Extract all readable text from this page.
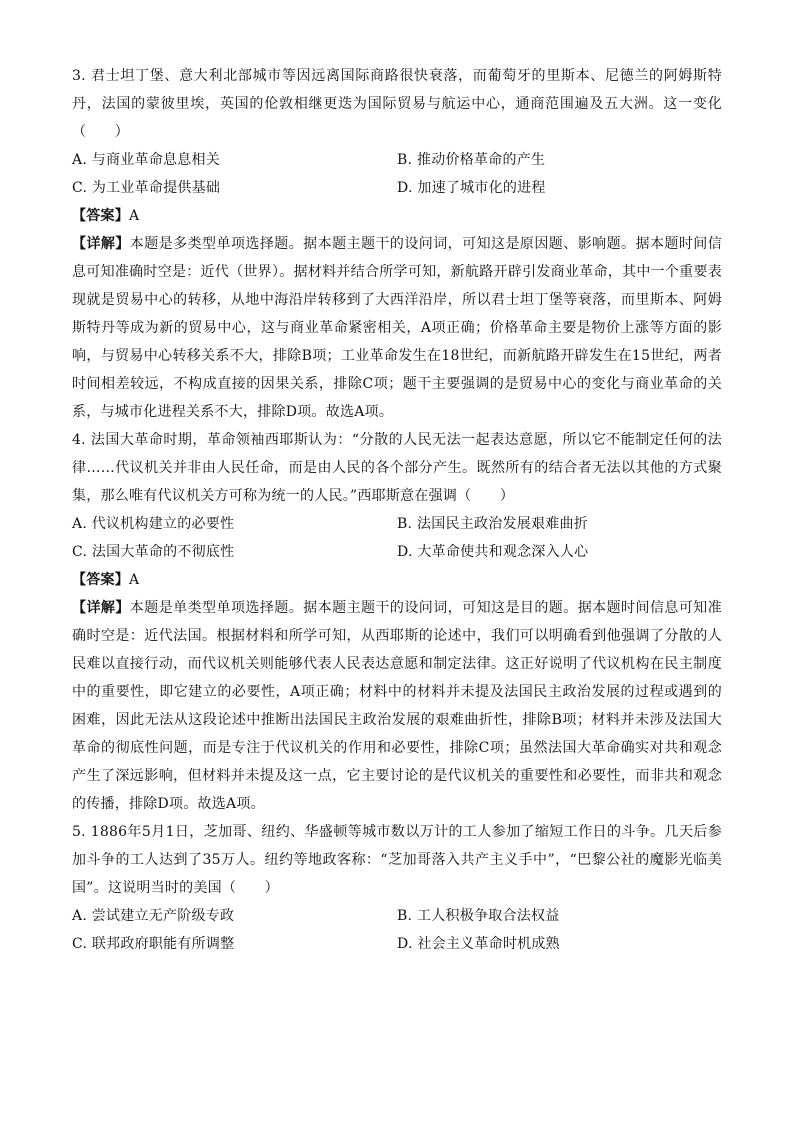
3. 君士坦丁堡、意大利北部城市等因远离国际商路很快衰落，而葡萄牙的里斯本、尼德兰的阿姆斯特丹，法国的蒙彼里埃，英国的伦敦相继更迭为国际贸易与航运中心，通商范围遍及五大洲。这一变化（　　）

A. 与商业革命息息相关	B. 推动价格革命的产生

C. 为工业革命提供基础	D. 加速了城市化的进程

【答案】A

【详解】本题是多类型单项选择题。据本题主题干的设问词，可知这是原因题、影响题。据本题时间信息可知准确时空是：近代（世界）。据材料并结合所学可知，新航路开辟引发商业革命，其中一个重要表现就是贸易中心的转移，从地中海沿岸转移到了大西洋沿岸，所以君士坦丁堡等衰落，而里斯本、阿姆斯特丹等成为新的贸易中心，这与商业革命紧密相关，A项正确；价格革命主要是物价上涨等方面的影响，与贸易中心转移关系不大，排除B项；工业革命发生在18世纪，而新航路开辟发生在15世纪，两者时间相差较远，不构成直接的因果关系，排除C项；题干主要强调的是贸易中心的变化与商业革命的关系，与城市化进程关系不大，排除D项。故选A项。

4. 法国大革命时期，革命领袖西耶斯认为：“分散的人民无法一起表达意愿，所以它不能制定任何的法律……代议机关并非由人民任命，而是由人民的各个部分产生。既然所有的结合者无法以其他的方式聚集，那么唯有代议机关方可称为统一的人民。”西耶斯意在强调（　　）

A. 代议机构建立的必要性	B. 法国民主政治发展艰难曲折

C. 法国大革命的不彻底性	D. 大革命使共和观念深入人心

【答案】A

【详解】本题是单类型单项选择题。据本题主题干的设问词，可知这是目的题。据本题时间信息可知准确时空是：近代法国。根据材料和所学可知，从西耶斯的论述中，我们可以明确看到他强调了分散的人民难以直接行动，而代议机关则能够代表人民表达意愿和制定法律。这正好说明了代议机构在民主制度中的重要性，即它建立的必要性，A项正确；材料中的材料并未提及法国民主政治发展的过程或遇到的困难，因此无法从这段论述中推断出法国民主政治发展的艰难曲折性，排除B项；材料并未涉及法国大革命的彻底性问题，而是专注于代议机关的作用和必要性，排除C项；虽然法国大革命确实对共和观念产生了深远影响，但材料并未提及这一点，它主要讨论的是代议机关的重要性和必要性，而非共和观念的传播，排除D项。故选A项。

5. 1886年5月1日，芝加哥、纽约、华盛顿等城市数以万计的工人参加了缩短工作日的斗争。几天后参加斗争的工人达到了35万人。纽约等地政客称：“芝加哥落入共产主义手中”，“巴黎公社的魔影光临美国”。这说明当时的美国（　　）

A. 尝试建立无产阶级专政	B. 工人积极争取合法权益

C. 联邦政府职能有所调整	D. 社会主义革命时机成熟
